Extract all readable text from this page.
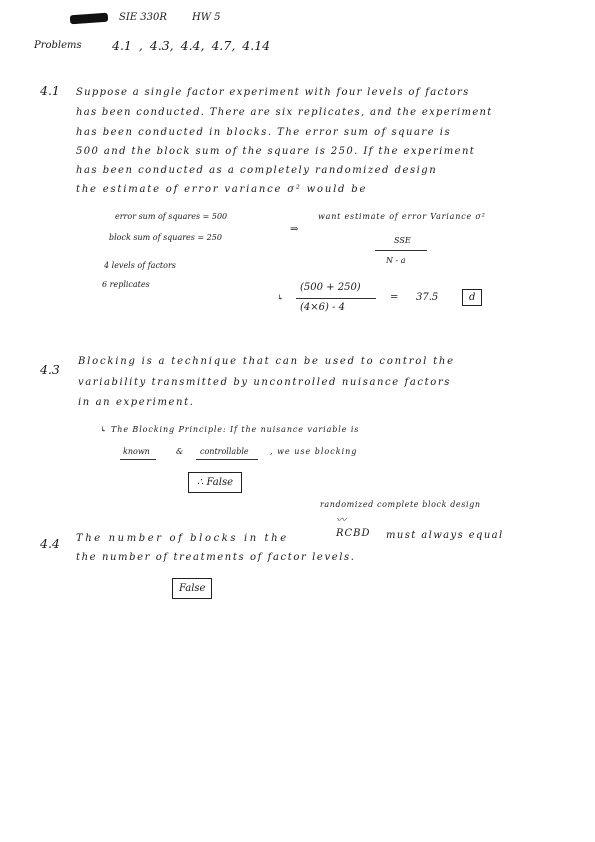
SIE 330R	HW 5
Problems 4.1 , 4.3, 4.4, 4.7, 4.14
4.1 Suppose a single factor experiment with four levels of factors
has been conducted. There are six replicates, and the experiment
has been conducted in blocks. The error sum of square is
500 and the block sum of the square is 250. If the experiment
has been conducted as a completely randomized design
the estimate of error variance σ² would be
error sum of squares = 500
block sum of squares = 250
⇒
want estimate of error Variance σ²
SSE
N - a
4 levels of factors
6 replicates
↳
(500 + 250)
(4×6) - 4
= 37.5	d
4.3
Blocking is a technique that can be used to control the
variability transmitted by uncontrolled nuisance factors
in an experiment.
↳ The Blocking Principle: If the nuisance variable is
known	& controllable	, we use blocking
∴ False
randomized complete block design
〰
4.4 The number of blocks in the	RCBD must always equal
the number of treatments of factor levels.
False
